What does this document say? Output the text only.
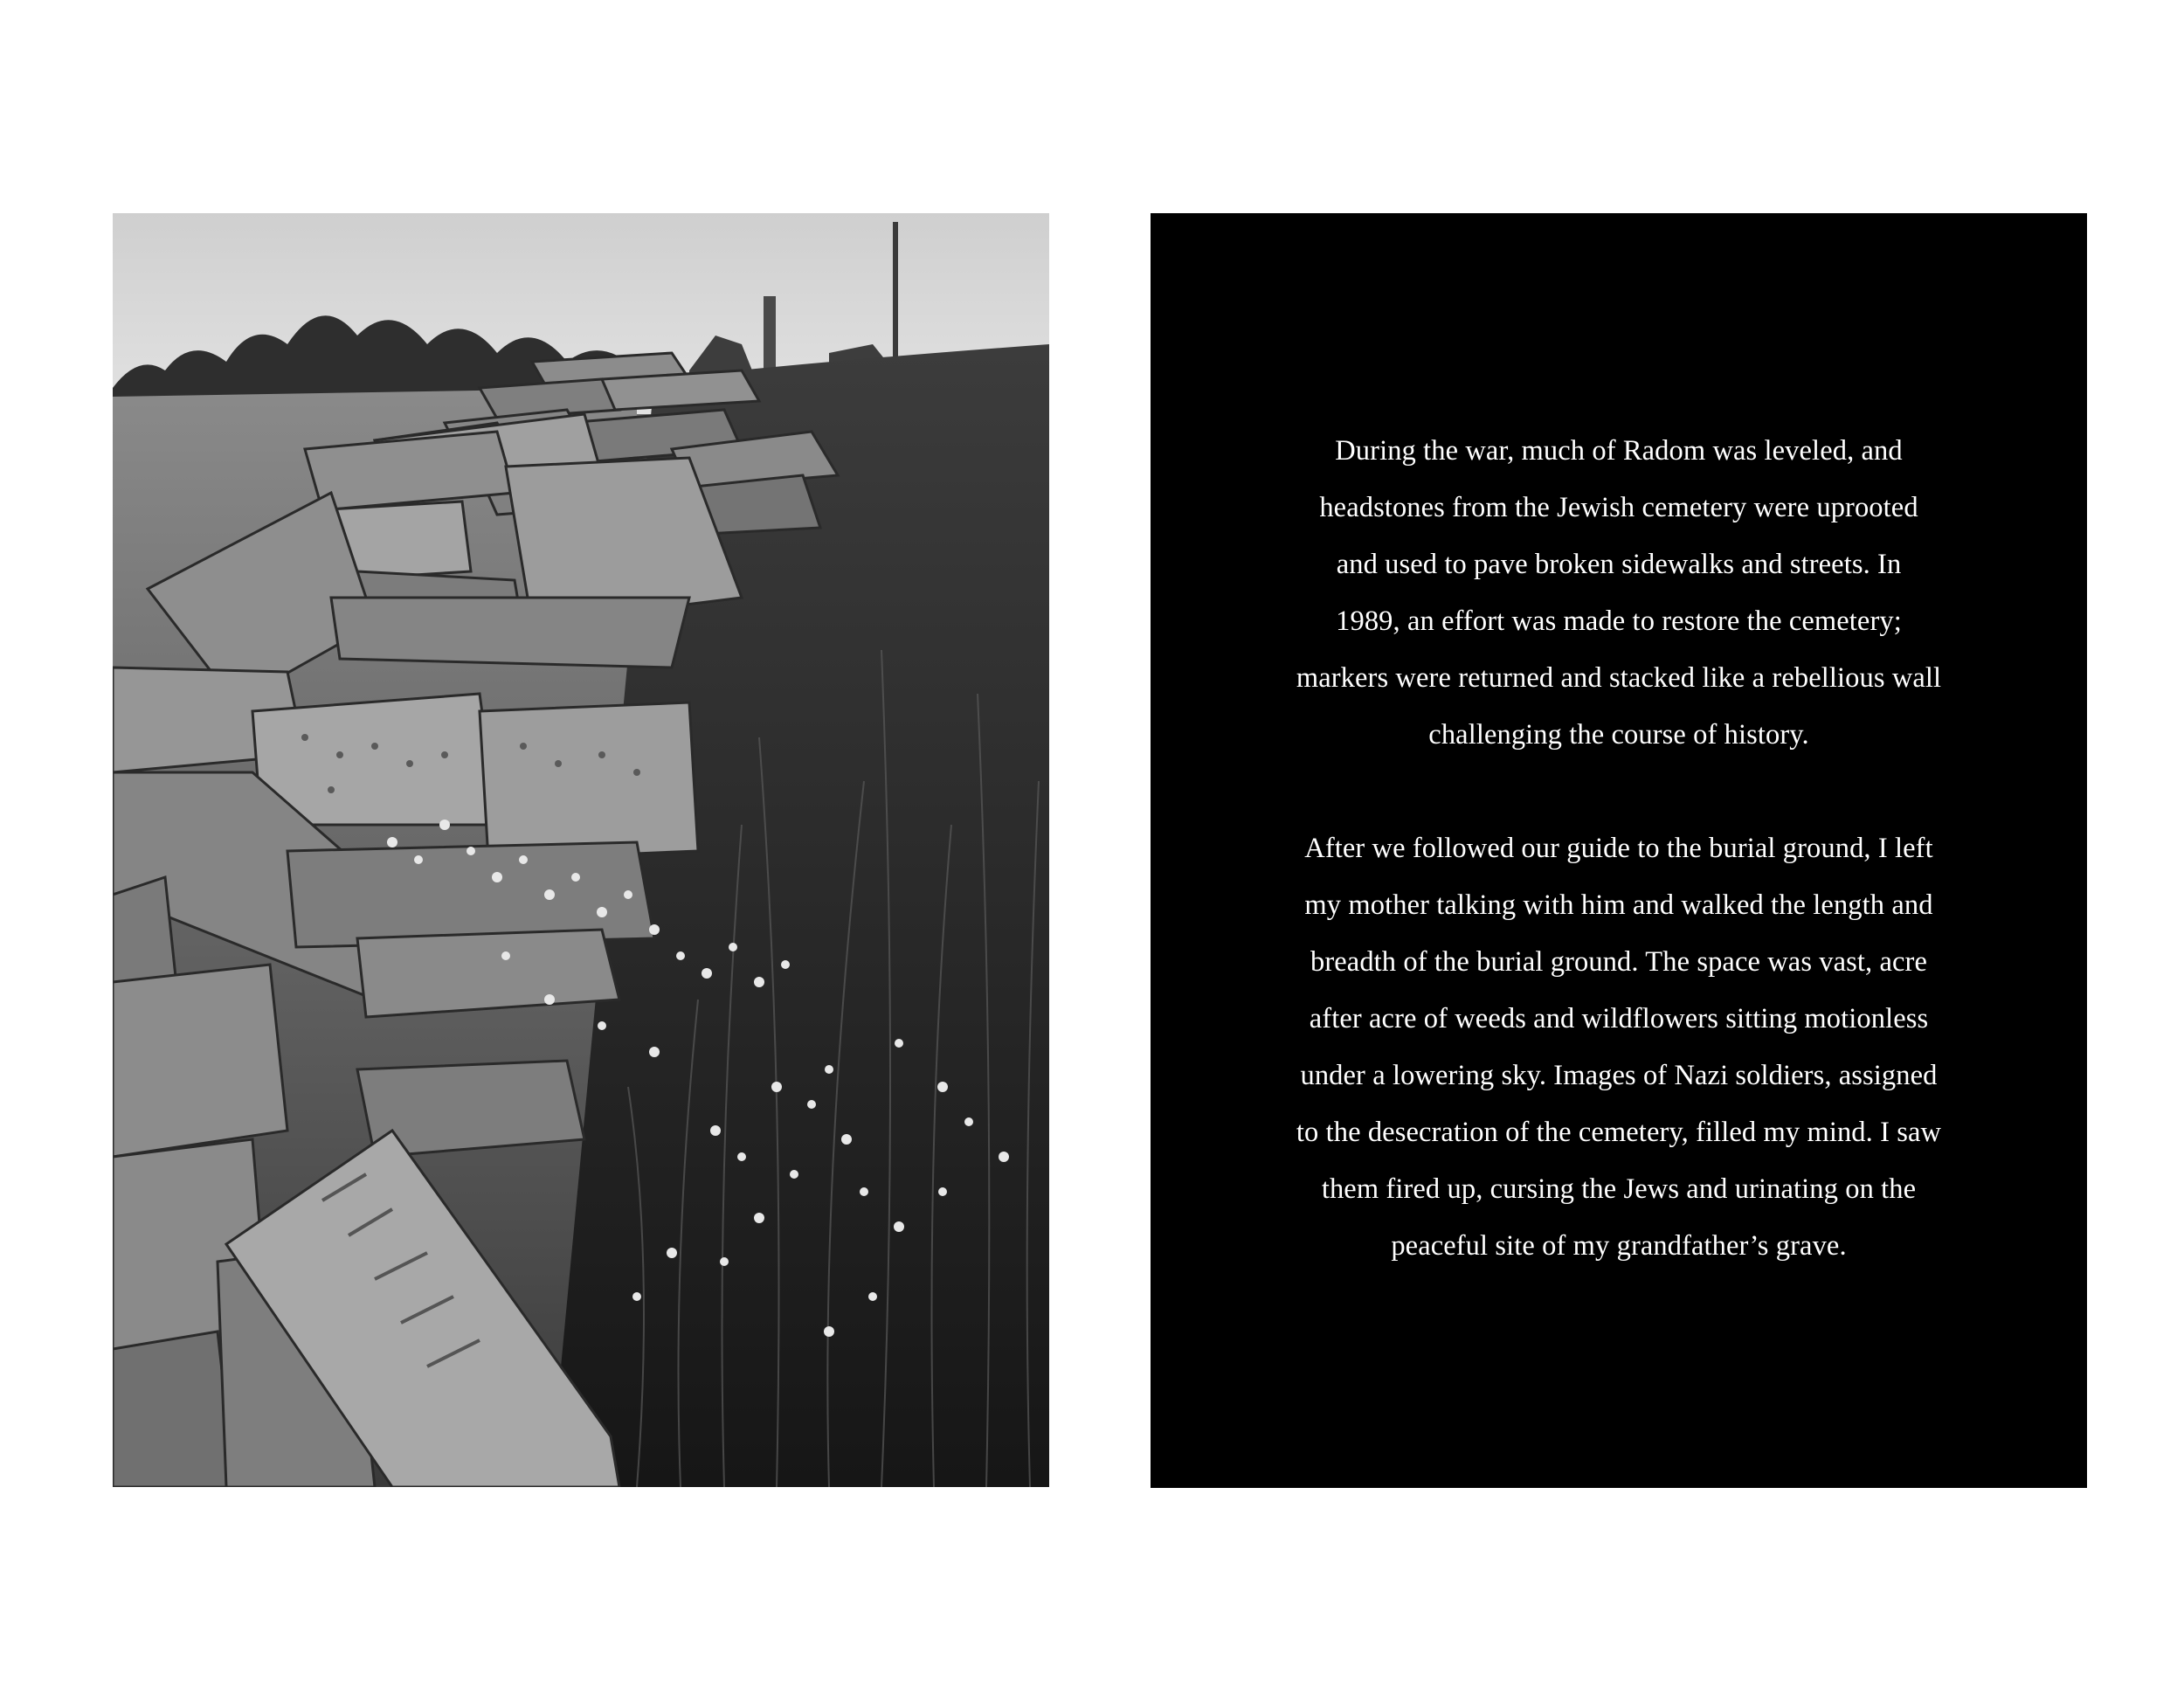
During the war, much of Radom was leveled, and
headstones from the Jewish cemetery were uprooted
and used to pave broken sidewalks and streets. In
1989, an effort was made to restore the cemetery;
markers were returned and stacked like a rebellious wall
challenging the course of history.

After we followed our guide to the burial ground, I left
my mother talking with him and walked the length and
breadth of the burial ground. The space was vast, acre
after acre of weeds and wildflowers sitting motionless
under a lowering sky. Images of Nazi soldiers, assigned
to the desecration of the cemetery, filled my mind. I saw
them fired up, cursing the Jews and urinating on the
peaceful site of my grandfather’s grave.
